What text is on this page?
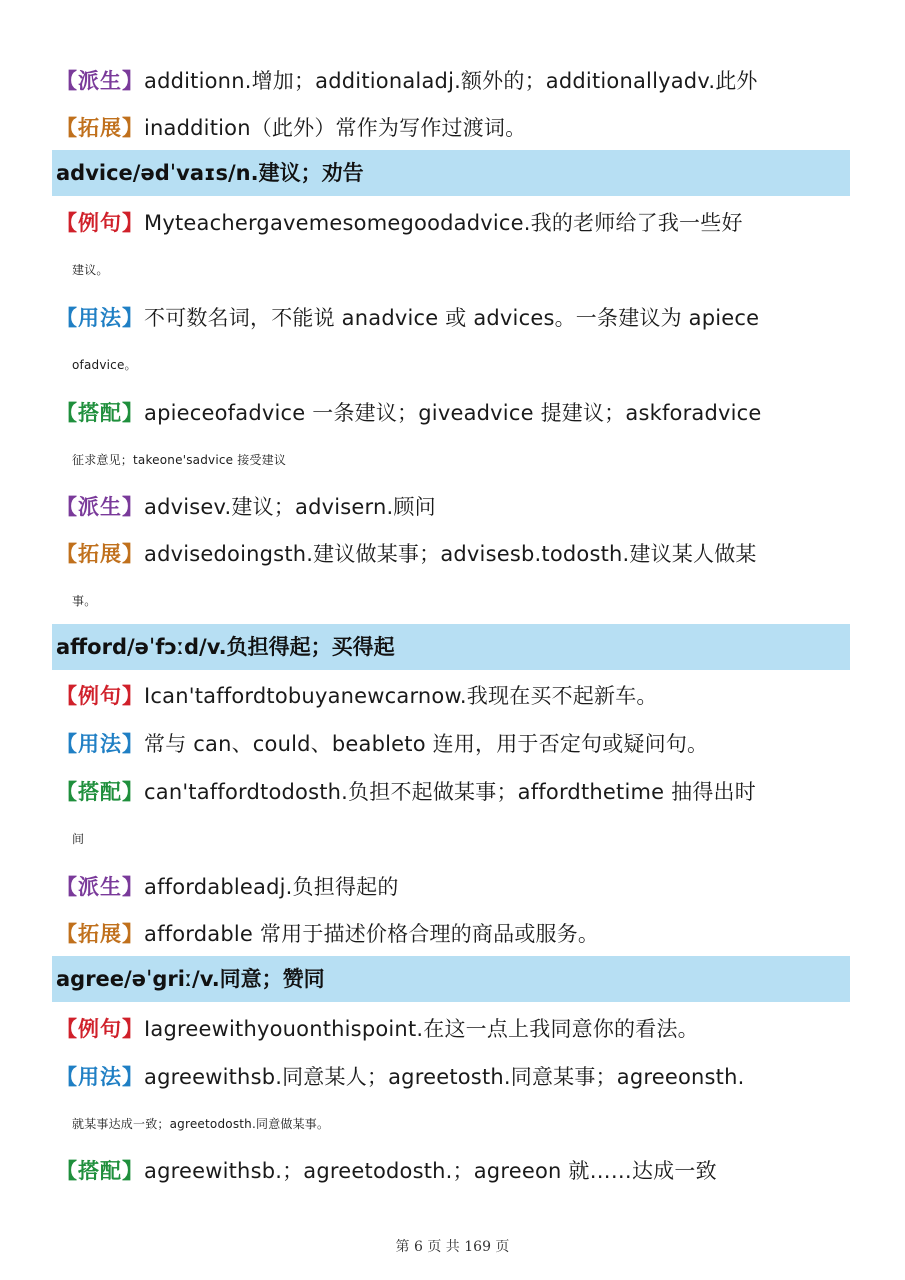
【派生】additionn.增加；additionaladj.额外的；additionallyadv.此外
【拓展】inaddition（此外）常作为写作过渡词。
advice/ədˈvaɪs/n.建议；劝告
【例句】Myteachergavemesomegoodadvice.我的老师给了我一些好
建议。
【用法】不可数名词，不能说 anadvice 或 advices。一条建议为 apiece
ofadvice。
【搭配】apieceofadvice 一条建议；giveadvice 提建议；askforadvice
征求意见；takeone'sadvice 接受建议
【派生】advisev.建议；advisern.顾问
【拓展】advisedoingsth.建议做某事；advisesb.todosth.建议某人做某
事。
afford/əˈfɔːd/v.负担得起；买得起
【例句】Ican'taffordtobuyanewcarnow.我现在买不起新车。
【用法】常与 can、could、beableto 连用，用于否定句或疑问句。
【搭配】can'taffordtodosth.负担不起做某事；affordthetime 抽得出时
间
【派生】affordableadj.负担得起的
【拓展】affordable 常用于描述价格合理的商品或服务。
agree/əˈgriː/v.同意；赞同
【例句】Iagreewithyouonthispoint.在这一点上我同意你的看法。
【用法】agreewithsb.同意某人；agreetosth.同意某事；agreeonsth.
就某事达成一致；agreetodosth.同意做某事。
【搭配】agreewithsb.；agreetodosth.；agreeon 就……达成一致
第 6 页 共 169 页
